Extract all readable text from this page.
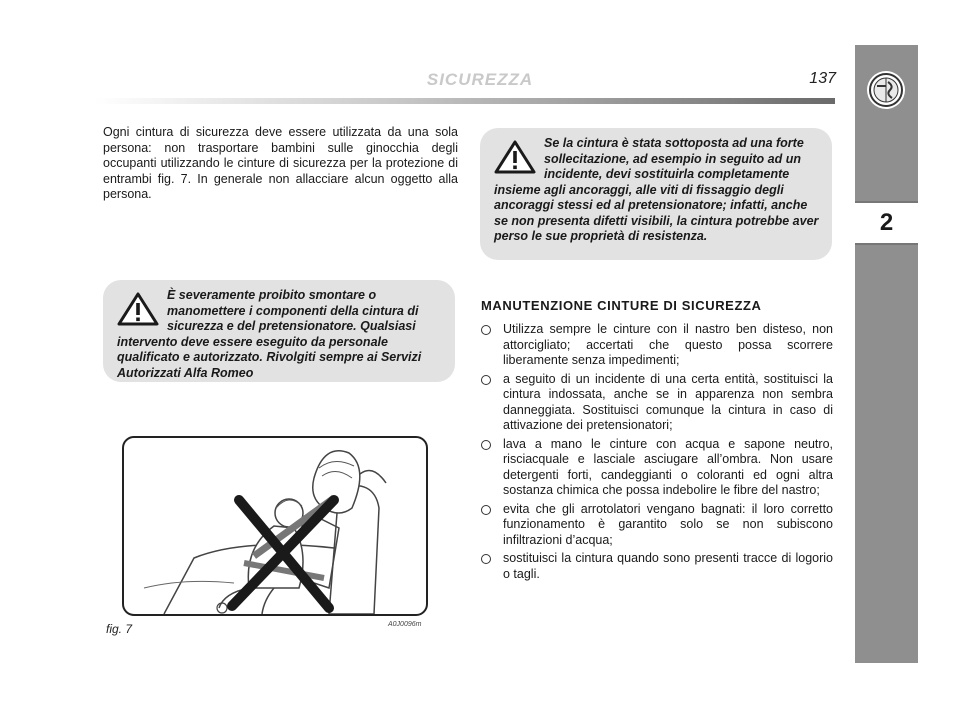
SICUREZZA	137
2
Ogni cintura di sicurezza deve essere utilizzata da una sola persona: non trasportare bambini sulle ginocchia degli occupanti utilizzando le cinture di sicurezza per la protezione di entrambi fig. 7. In generale non allacciare alcun oggetto alla persona.
Se la cintura è stata sottoposta ad una forte sollecitazione, ad esempio in seguito ad un incidente, devi sostituirla completamente insieme agli ancoraggi, alle viti di fissaggio degli ancoraggi stessi ed al pretensionatore; infatti, anche se non presenta difetti visibili, la cintura potrebbe aver perso le sue proprietà di resistenza.
È severamente proibito smontare o manomettere i componenti della cintura di sicurezza e del pretensionatore. Qualsiasi intervento deve essere eseguito da personale qualificato e autorizzato. Rivolgiti sempre ai Servizi Autorizzati Alfa Romeo
MANUTENZIONE CINTURE DI SICUREZZA
Utilizza sempre le cinture con il nastro ben disteso, non attorcigliato; accertati che questo possa scorrere liberamente senza impedimenti;
a seguito di un incidente di una certa entità, sostituisci la cintura indossata, anche se in apparenza non sembra danneggiata. Sostituisci comunque la cintura in caso di attivazione dei pretensionatori;
lava a mano le cinture con acqua e sapone neutro, risciacquale e lasciale asciugare all’ombra. Non usare detergenti forti, candeggianti o coloranti ed ogni altra sostanza chimica che possa indebolire le fibre del nastro;
evita che gli arrotolatori vengano bagnati: il loro corretto funzionamento è garantito solo se non subiscono infiltrazioni d’acqua;
sostituisci la cintura quando sono presenti tracce di logorio o tagli.
fig. 7	A0J0096m
